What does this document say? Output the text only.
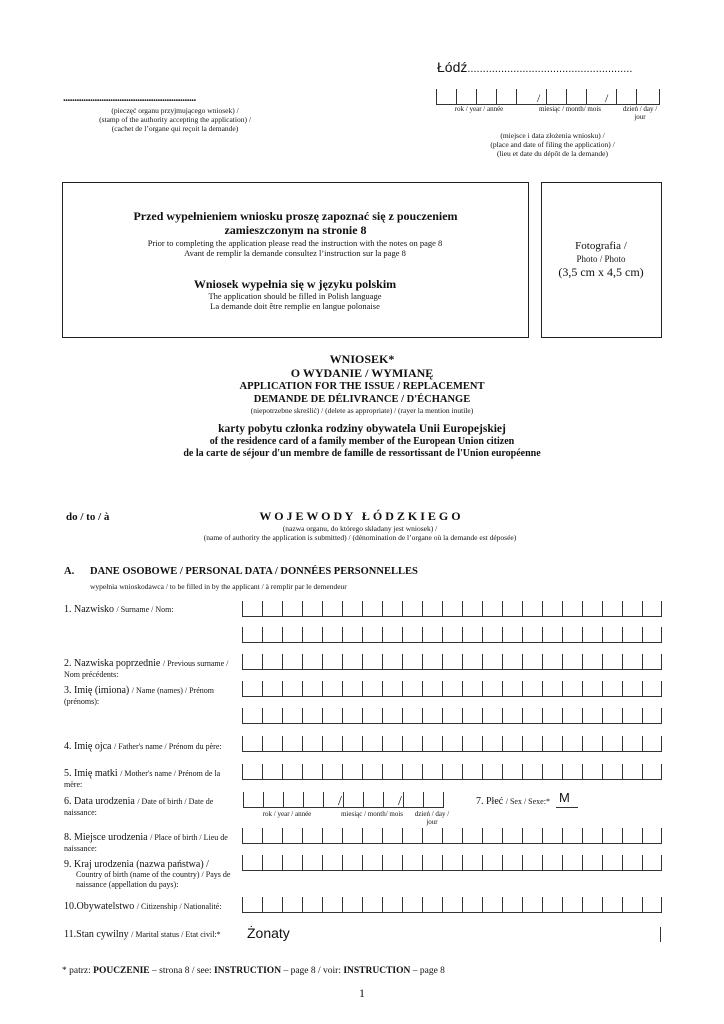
Łódź......................................................
...........................................................
(pieczęć organu przyjmującego wniosek) /
(stamp of the authority accepting the application) /
(cachet de l’organe qui reçoit la demande)
/	/
rok / year / année	miesiąc / month/ mois	dzień / day / jour
(miejsce i data złożenia wniosku) /
(place and date of filing the application) /
(lieu et date du dépôt de la demande)
Przed wypełnieniem wniosku proszę zapoznać się z pouczeniem zamieszczonym na stronie 8
Prior to completing the application please read the instruction with the notes on page 8
Avant de remplir la demande consultez l’instruction sur la page 8
Wniosek wypełnia się w języku polskim
The application should be filled in Polish language
La demande doit être remplie en langue polonaise
Fotografia /
Photo / Photo
(3,5 cm x 4,5 cm)
WNIOSEK*
O WYDANIE / WYMIANĘ
APPLICATION FOR THE ISSUE / REPLACEMENT
DEMANDE DE DÉLIVRANCE / D'ÉCHANGE
(niepotrzebne skreślić) / (delete as appropriate) / (rayer la mention inutile)
karty pobytu członka rodziny obywatela Unii Europejskiej
of the residence card of a family member of the European Union citizen
de la carte de séjour d'un membre de famille de ressortissant de l'Union européenne
do / to / à	W O J E W O D Y   Ł Ó D Z K I E G O
(nazwa organu, do którego składany jest wniosek) /
(name of authority the application is submitted) / (dénomination de l’organe où la demande est déposée)
A. DANE OSOBOWE / PERSONAL DATA / DONNÉES PERSONNELLES
wypełnia wnioskodawca / to be filled in by the applicant / à remplir par le demendeur
1. Nazwisko / Surname / Nom:
2. Nazwiska poprzednie / Previous surname / Nom précédents:
3. Imię (imiona) / Name (names) / Prénom (prénoms):
4. Imię ojca / Father's name / Prénom du père:
5. Imię matki / Mother's name / Prénom de la mère:
6. Data urodzenia / Date of birth / Date de naissance:
/	/
rok / year / année	miesiąc / month/ mois	dzień / day / jour
7. Płeć / Sex / Sexe:* M
8. Miejsce urodzenia / Place of birth / Lieu de naissance:
9. Kraj urodzenia (nazwa państwa) /
Country of birth (name of the country) / Pays de naissance (appellation du pays):
10.Obywatelstwo / Citizenship / Nationalité:
11.Stan cywilny / Marital status / Etat civil:*	Żonaty
* patrz: POUCZENIE – strona 8 / see: INSTRUCTION – page 8 / voir: INSTRUCTION – page 8
1
